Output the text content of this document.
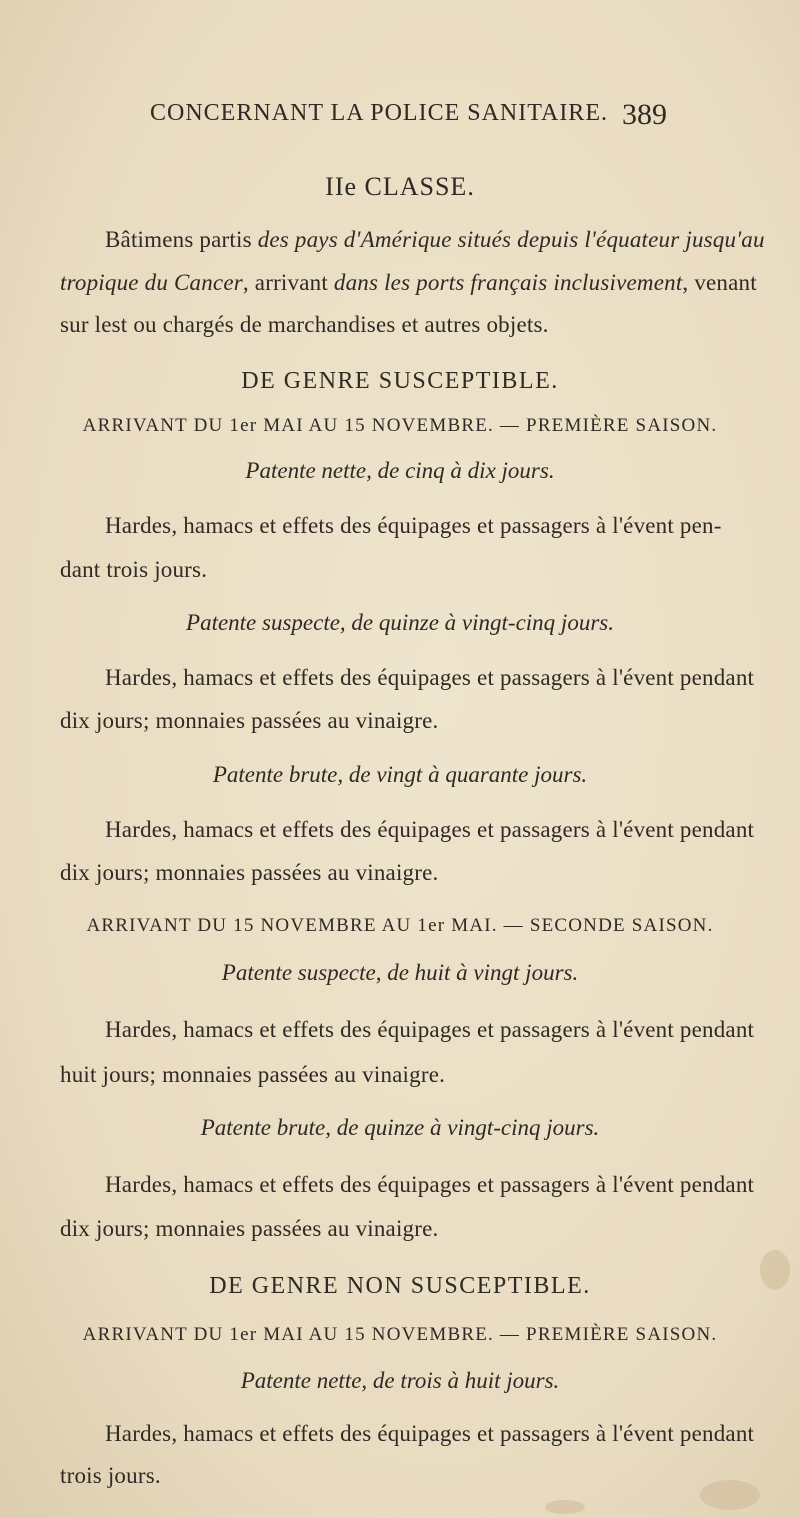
CONCERNANT LA POLICE SANITAIRE. 389
IIe CLASSE.
Bâtimens partis des pays d'Amérique situés depuis l'équateur jusqu'au
tropique du Cancer, arrivant dans les ports français inclusivement, venant
sur lest ou chargés de marchandises et autres objets.
DE GENRE SUSCEPTIBLE.
ARRIVANT DU 1er MAI AU 15 NOVEMBRE. — PREMIÈRE SAISON.
Patente nette, de cinq à dix jours.
Hardes, hamacs et effets des équipages et passagers à l'évent pen-
dant trois jours.
Patente suspecte, de quinze à vingt-cinq jours.
Hardes, hamacs et effets des équipages et passagers à l'évent pendant
dix jours; monnaies passées au vinaigre.
Patente brute, de vingt à quarante jours.
Hardes, hamacs et effets des équipages et passagers à l'évent pendant
dix jours; monnaies passées au vinaigre.
ARRIVANT DU 15 NOVEMBRE AU 1er MAI. — SECONDE SAISON.
Patente suspecte, de huit à vingt jours.
Hardes, hamacs et effets des équipages et passagers à l'évent pendant
huit jours; monnaies passées au vinaigre.
Patente brute, de quinze à vingt-cinq jours.
Hardes, hamacs et effets des équipages et passagers à l'évent pendant
dix jours; monnaies passées au vinaigre.
DE GENRE NON SUSCEPTIBLE.
ARRIVANT DU 1er MAI AU 15 NOVEMBRE. — PREMIÈRE SAISON.
Patente nette, de trois à huit jours.
Hardes, hamacs et effets des équipages et passagers à l'évent pendant
trois jours.
